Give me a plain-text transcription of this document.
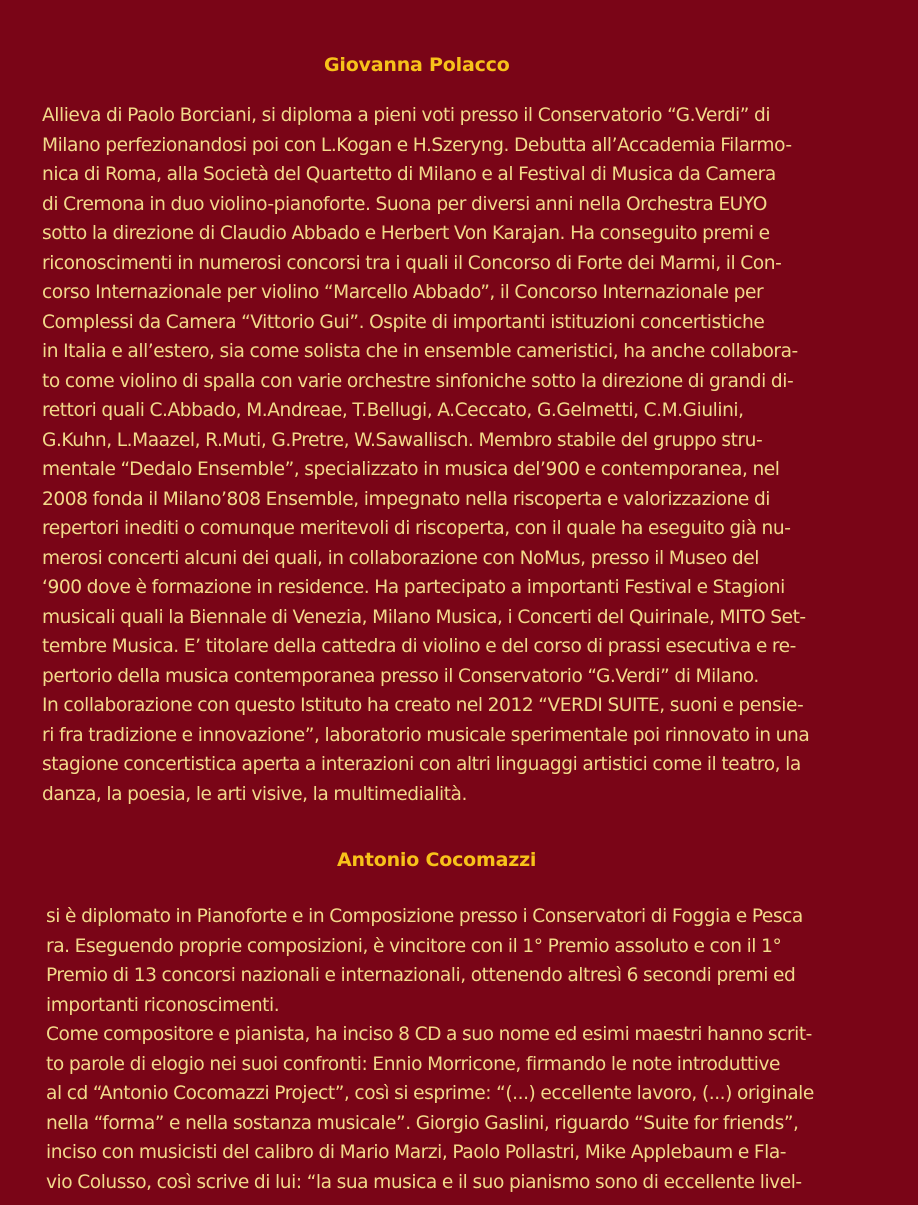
Giovanna Polacco
Allieva di Paolo Borciani, si diploma a pieni voti presso il Conservatorio “G.Verdi” di
Milano perfezionandosi poi con L.Kogan e H.Szeryng. Debutta all’Accademia Filarmo-
nica di Roma, alla Società del Quartetto di Milano e al Festival di Musica da Camera
di Cremona in duo violino-pianoforte. Suona per diversi anni nella Orchestra EUYO
sotto la direzione di Claudio Abbado e Herbert Von Karajan. Ha conseguito premi e
riconoscimenti in numerosi concorsi tra i quali il Concorso di Forte dei Marmi, il Con-
corso Internazionale per violino “Marcello Abbado”, il Concorso Internazionale per
Complessi da Camera “Vittorio Gui”. Ospite di importanti istituzioni concertistiche
in Italia e all’estero, sia come solista che in ensemble cameristici, ha anche collabora-
to come violino di spalla con varie orchestre sinfoniche sotto la direzione di grandi di-
rettori quali C.Abbado, M.Andreae, T.Bellugi, A.Ceccato, G.Gelmetti, C.M.Giulini,
G.Kuhn, L.Maazel, R.Muti, G.Pretre, W.Sawallisch. Membro stabile del gruppo stru-
mentale “Dedalo Ensemble”, specializzato in musica del’900 e contemporanea, nel
2008 fonda il Milano’808 Ensemble, impegnato nella riscoperta e valorizzazione di
repertori inediti o comunque meritevoli di riscoperta, con il quale ha eseguito già nu-
merosi concerti alcuni dei quali, in collaborazione con NoMus, presso il Museo del
‘900 dove è formazione in residence. Ha partecipato a importanti Festival e Stagioni
musicali quali la Biennale di Venezia, Milano Musica, i Concerti del Quirinale, MITO Set-
tembre Musica. E’ titolare della cattedra di violino e del corso di prassi esecutiva e re-
pertorio della musica contemporanea presso il Conservatorio “G.Verdi” di Milano.
In collaborazione con questo Istituto ha creato nel 2012 “VERDI SUITE, suoni e pensie-
ri fra tradizione e innovazione”, laboratorio musicale sperimentale poi rinnovato in una
stagione concertistica aperta a interazioni con altri linguaggi artistici come il teatro, la
danza, la poesia, le arti visive, la multimedialità.
Antonio Cocomazzi
si è diplomato in Pianoforte e in Composizione presso i Conservatori di Foggia e Pesca
ra. Eseguendo proprie composizioni, è vincitore con il 1° Premio assoluto e con il 1°
Premio di 13 concorsi nazionali e internazionali, ottenendo altresì 6 secondi premi ed
importanti riconoscimenti.
Come compositore e pianista, ha inciso 8 CD a suo nome ed esimi maestri hanno scrit-
to parole di elogio nei suoi confronti: Ennio Morricone, firmando le note introduttive
al cd “Antonio Cocomazzi Project”, così si esprime: “(...) eccellente lavoro, (...) originale
nella “forma” e nella sostanza musicale”. Giorgio Gaslini, riguardo “Suite for friends”,
inciso con musicisti del calibro di Mario Marzi, Paolo Pollastri, Mike Applebaum e Fla-
vio Colusso, così scrive di lui: “la sua musica e il suo pianismo sono di eccellente livel-
